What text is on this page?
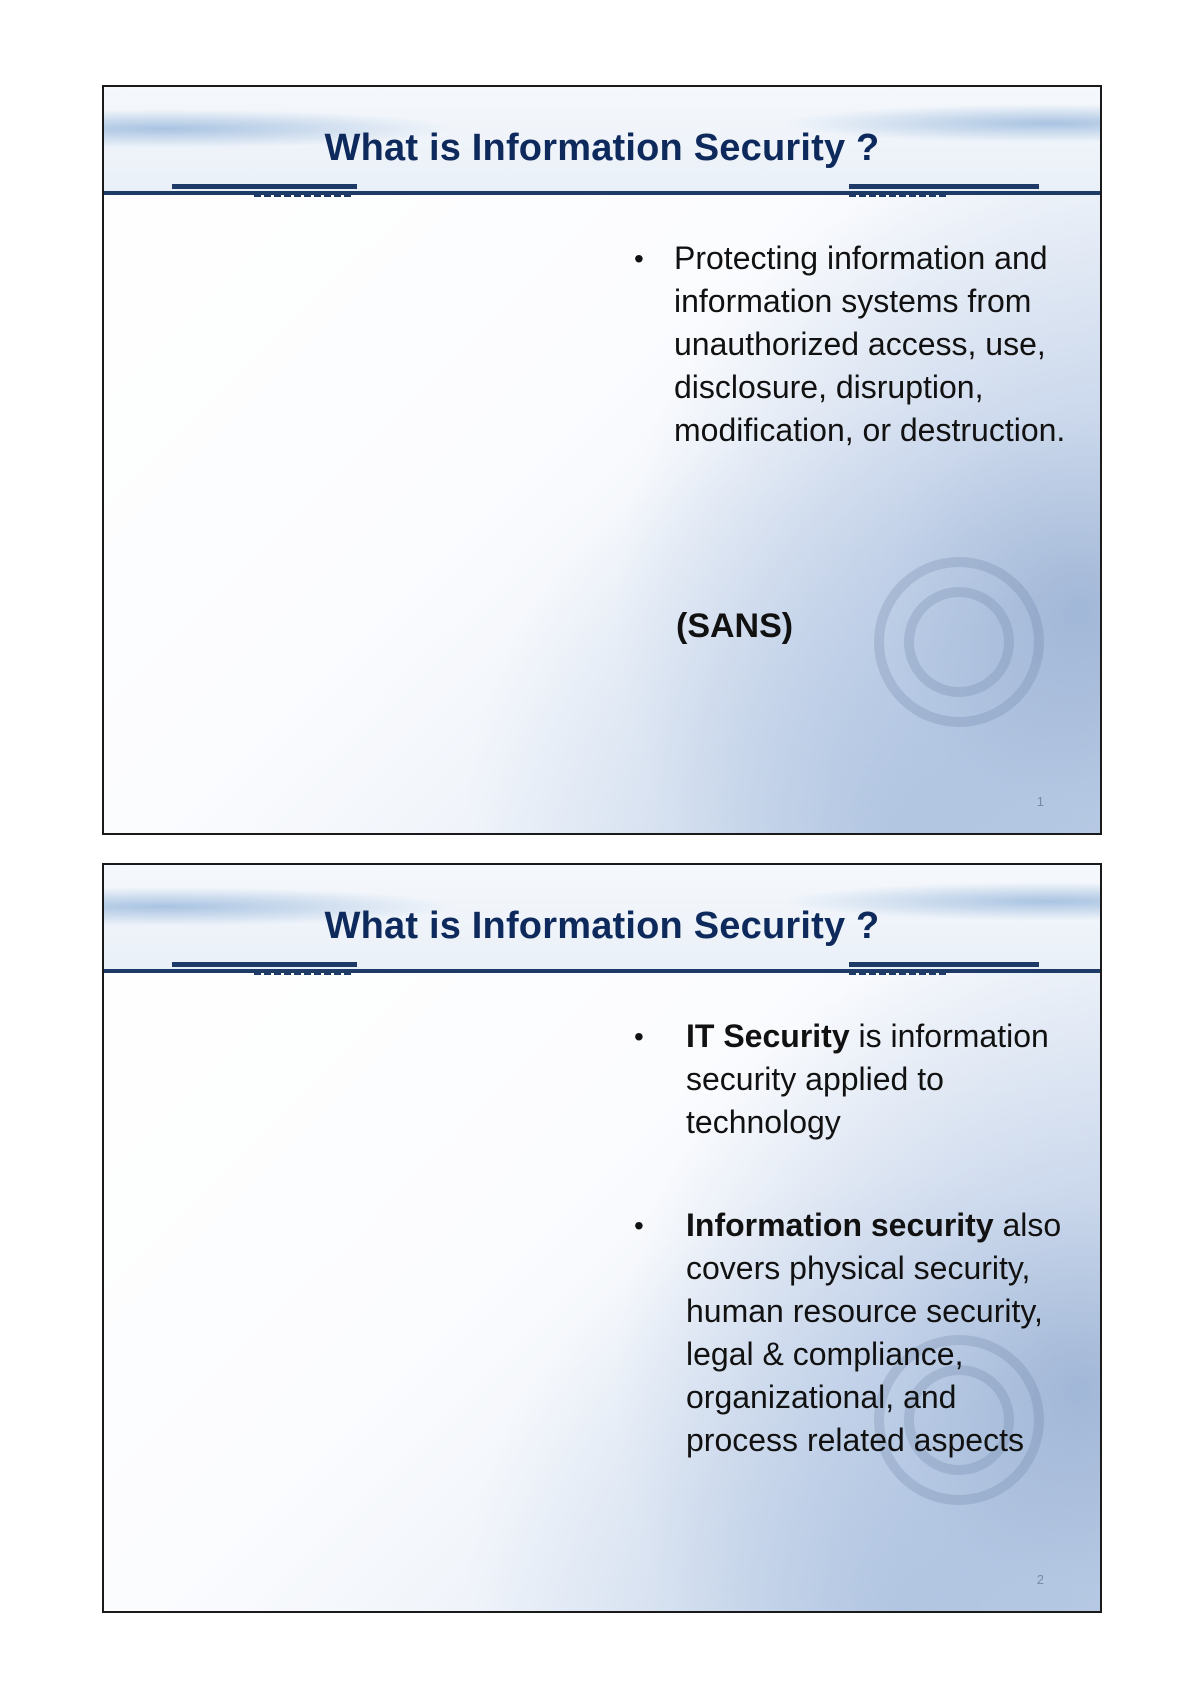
What is Information Security ?
• Protecting information and information systems from unauthorized access, use, disclosure, disruption, modification, or destruction.
(SANS)
1
What is Information Security ?
• IT Security is information security applied to technology
• Information security also covers physical security, human resource security, legal & compliance, organizational, and process related aspects
2
